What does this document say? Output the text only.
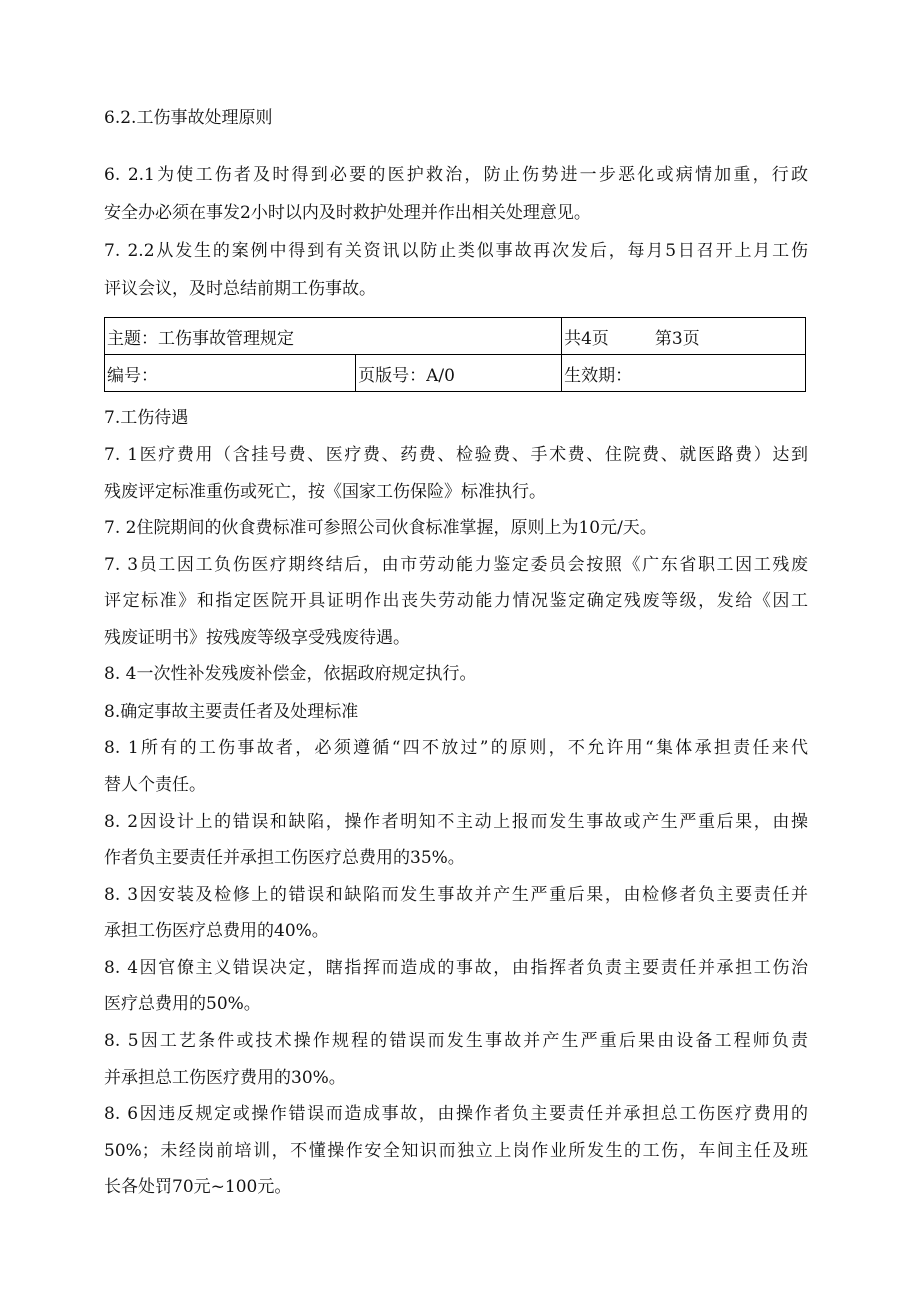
6.2.工伤事故处理原则
6. 2.1为使工伤者及时得到必要的医护救治，防止伤势进一步恶化或病情加重，行政
安全办必须在事发2小时以内及时救护处理并作出相关处理意见。
7. 2.2从发生的案例中得到有关资讯以防止类似事故再次发后，每月5日召开上月工伤
评议会议，及时总结前期工伤事故。
主题：工伤事故管理规定		共4页 第3页
编号：	页版号：A/0	生效期：
7.工伤待遇
7. 1医疗费用（含挂号费、医疗费、药费、检验费、手术费、住院费、就医路费）达到
残废评定标准重伤或死亡，按《国家工伤保险》标准执行。
7. 2住院期间的伙食费标准可参照公司伙食标准掌握，原则上为10元/天。
7. 3员工因工负伤医疗期终结后，由市劳动能力鉴定委员会按照《广东省职工因工残废
评定标准》和指定医院开具证明作出丧失劳动能力情况鉴定确定残废等级，发给《因工
残废证明书》按残废等级享受残废待遇。
8. 4一次性补发残废补偿金，依据政府规定执行。
8.确定事故主要责任者及处理标准
8. 1所有的工伤事故者，必须遵循“四不放过”的原则，不允许用“集体承担责任来代
替人个责任。
8. 2因设计上的错误和缺陷，操作者明知不主动上报而发生事故或产生严重后果，由操
作者负主要责任并承担工伤医疗总费用的35%。
8. 3因安装及检修上的错误和缺陷而发生事故并产生严重后果，由检修者负主要责任并
承担工伤医疗总费用的40%。
8. 4因官僚主义错误决定，瞎指挥而造成的事故，由指挥者负责主要责任并承担工伤治
医疗总费用的50%。
8. 5因工艺条件或技术操作规程的错误而发生事故并产生严重后果由设备工程师负责
并承担总工伤医疗费用的30%。
8. 6因违反规定或操作错误而造成事故，由操作者负主要责任并承担总工伤医疗费用的
50%；未经岗前培训，不懂操作安全知识而独立上岗作业所发生的工伤，车间主任及班
长各处罚70元~100元。
